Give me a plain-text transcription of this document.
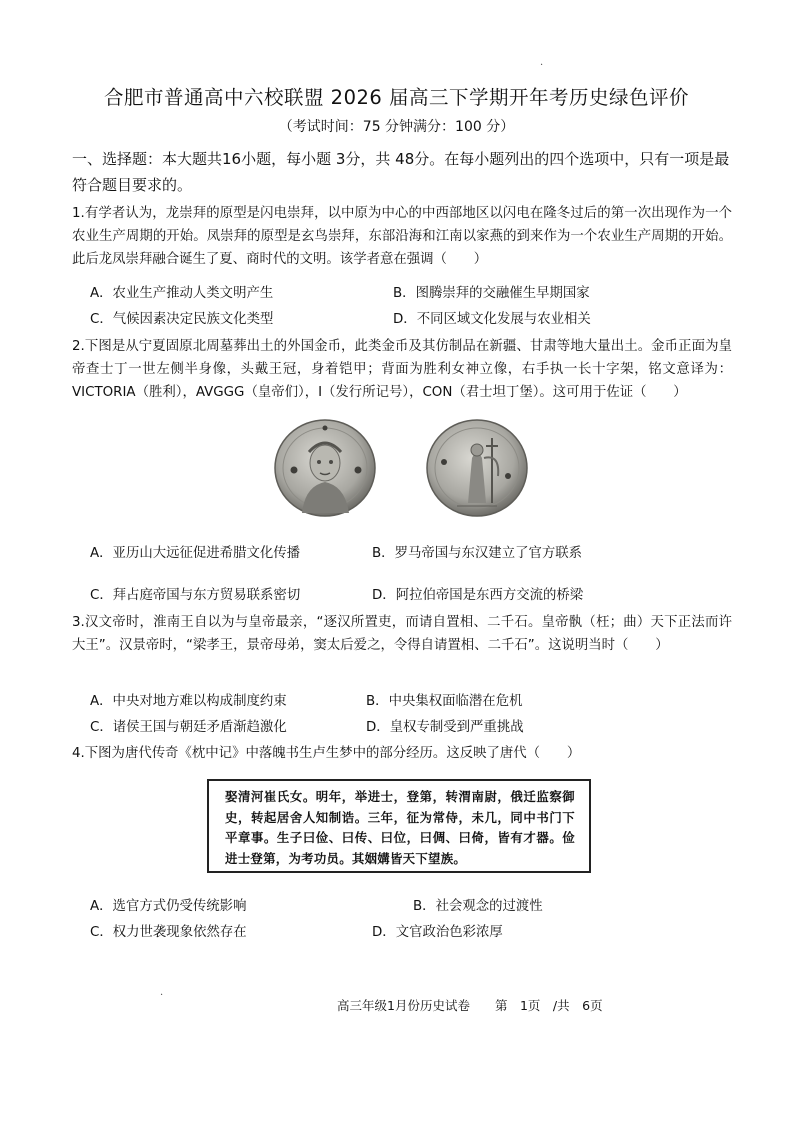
·
合肥市普通高中六校联盟 2026 届高三下学期开年考历史绿色评价
（考试时间：75 分钟满分：100 分）
一、选择题：本大题共16小题，每小题 3分，共 48分。在每小题列出的四个选项中，只有一项是最符合题目要求的。
1.有学者认为，龙崇拜的原型是闪电崇拜，以中原为中心的中西部地区以闪电在隆冬过后的第一次出现作为一个农业生产周期的开始。凤崇拜的原型是玄鸟崇拜，东部沿海和江南以家燕的到来作为一个农业生产周期的开始。此后龙凤崇拜融合诞生了夏、商时代的文明。该学者意在强调（　　）
A．农业生产推动人类文明产生	B．图腾崇拜的交融催生早期国家
C．气候因素决定民族文化类型	D．不同区域文化发展与农业相关
2.下图是从宁夏固原北周墓葬出土的外国金币，此类金币及其仿制品在新疆、甘肃等地大量出土。金币正面为皇帝查士丁一世左侧半身像，头戴王冠，身着铠甲；背面为胜利女神立像，右手执一长十字架，铭文意译为：VICTORIA（胜利），AVGGG（皇帝们），I（发行所记号），CON（君士坦丁堡）。这可用于佐证（　　）
A．亚历山大远征促进希腊文化传播	B．罗马帝国与东汉建立了官方联系
C．拜占庭帝国与东方贸易联系密切	D．阿拉伯帝国是东西方交流的桥梁
3.汉文帝时，淮南王自以为与皇帝最亲，“逐汉所置吏，而请自置相、二千石。皇帝骫（枉；曲）天下正法而许大王”。汉景帝时，“梁孝王，景帝母弟，窦太后爱之，令得自请置相、二千石”。这说明当时（　　）
A．中央对地方难以构成制度约束	B．中央集权面临潜在危机
C．诸侯王国与朝廷矛盾渐趋激化	D．皇权专制受到严重挑战
4.下图为唐代传奇《枕中记》中落魄书生卢生梦中的部分经历。这反映了唐代（　　）
娶清河崔氏女。明年，举进士，登第，转渭南尉，俄迁监察御史，转起居舍人知制诰。三年，征为常侍，未几，同中书门下平章事。生子曰俭、曰传、曰位，曰倜、曰倚，皆有才器。俭进士登第，为考功员。其姻媾皆天下望族。
A．选官方式仍受传统影响	B．社会观念的过渡性
C．权力世袭现象依然存在	D．文官政治色彩浓厚
·
高三年级1月份历史试卷　　第　1页　/共　6页
